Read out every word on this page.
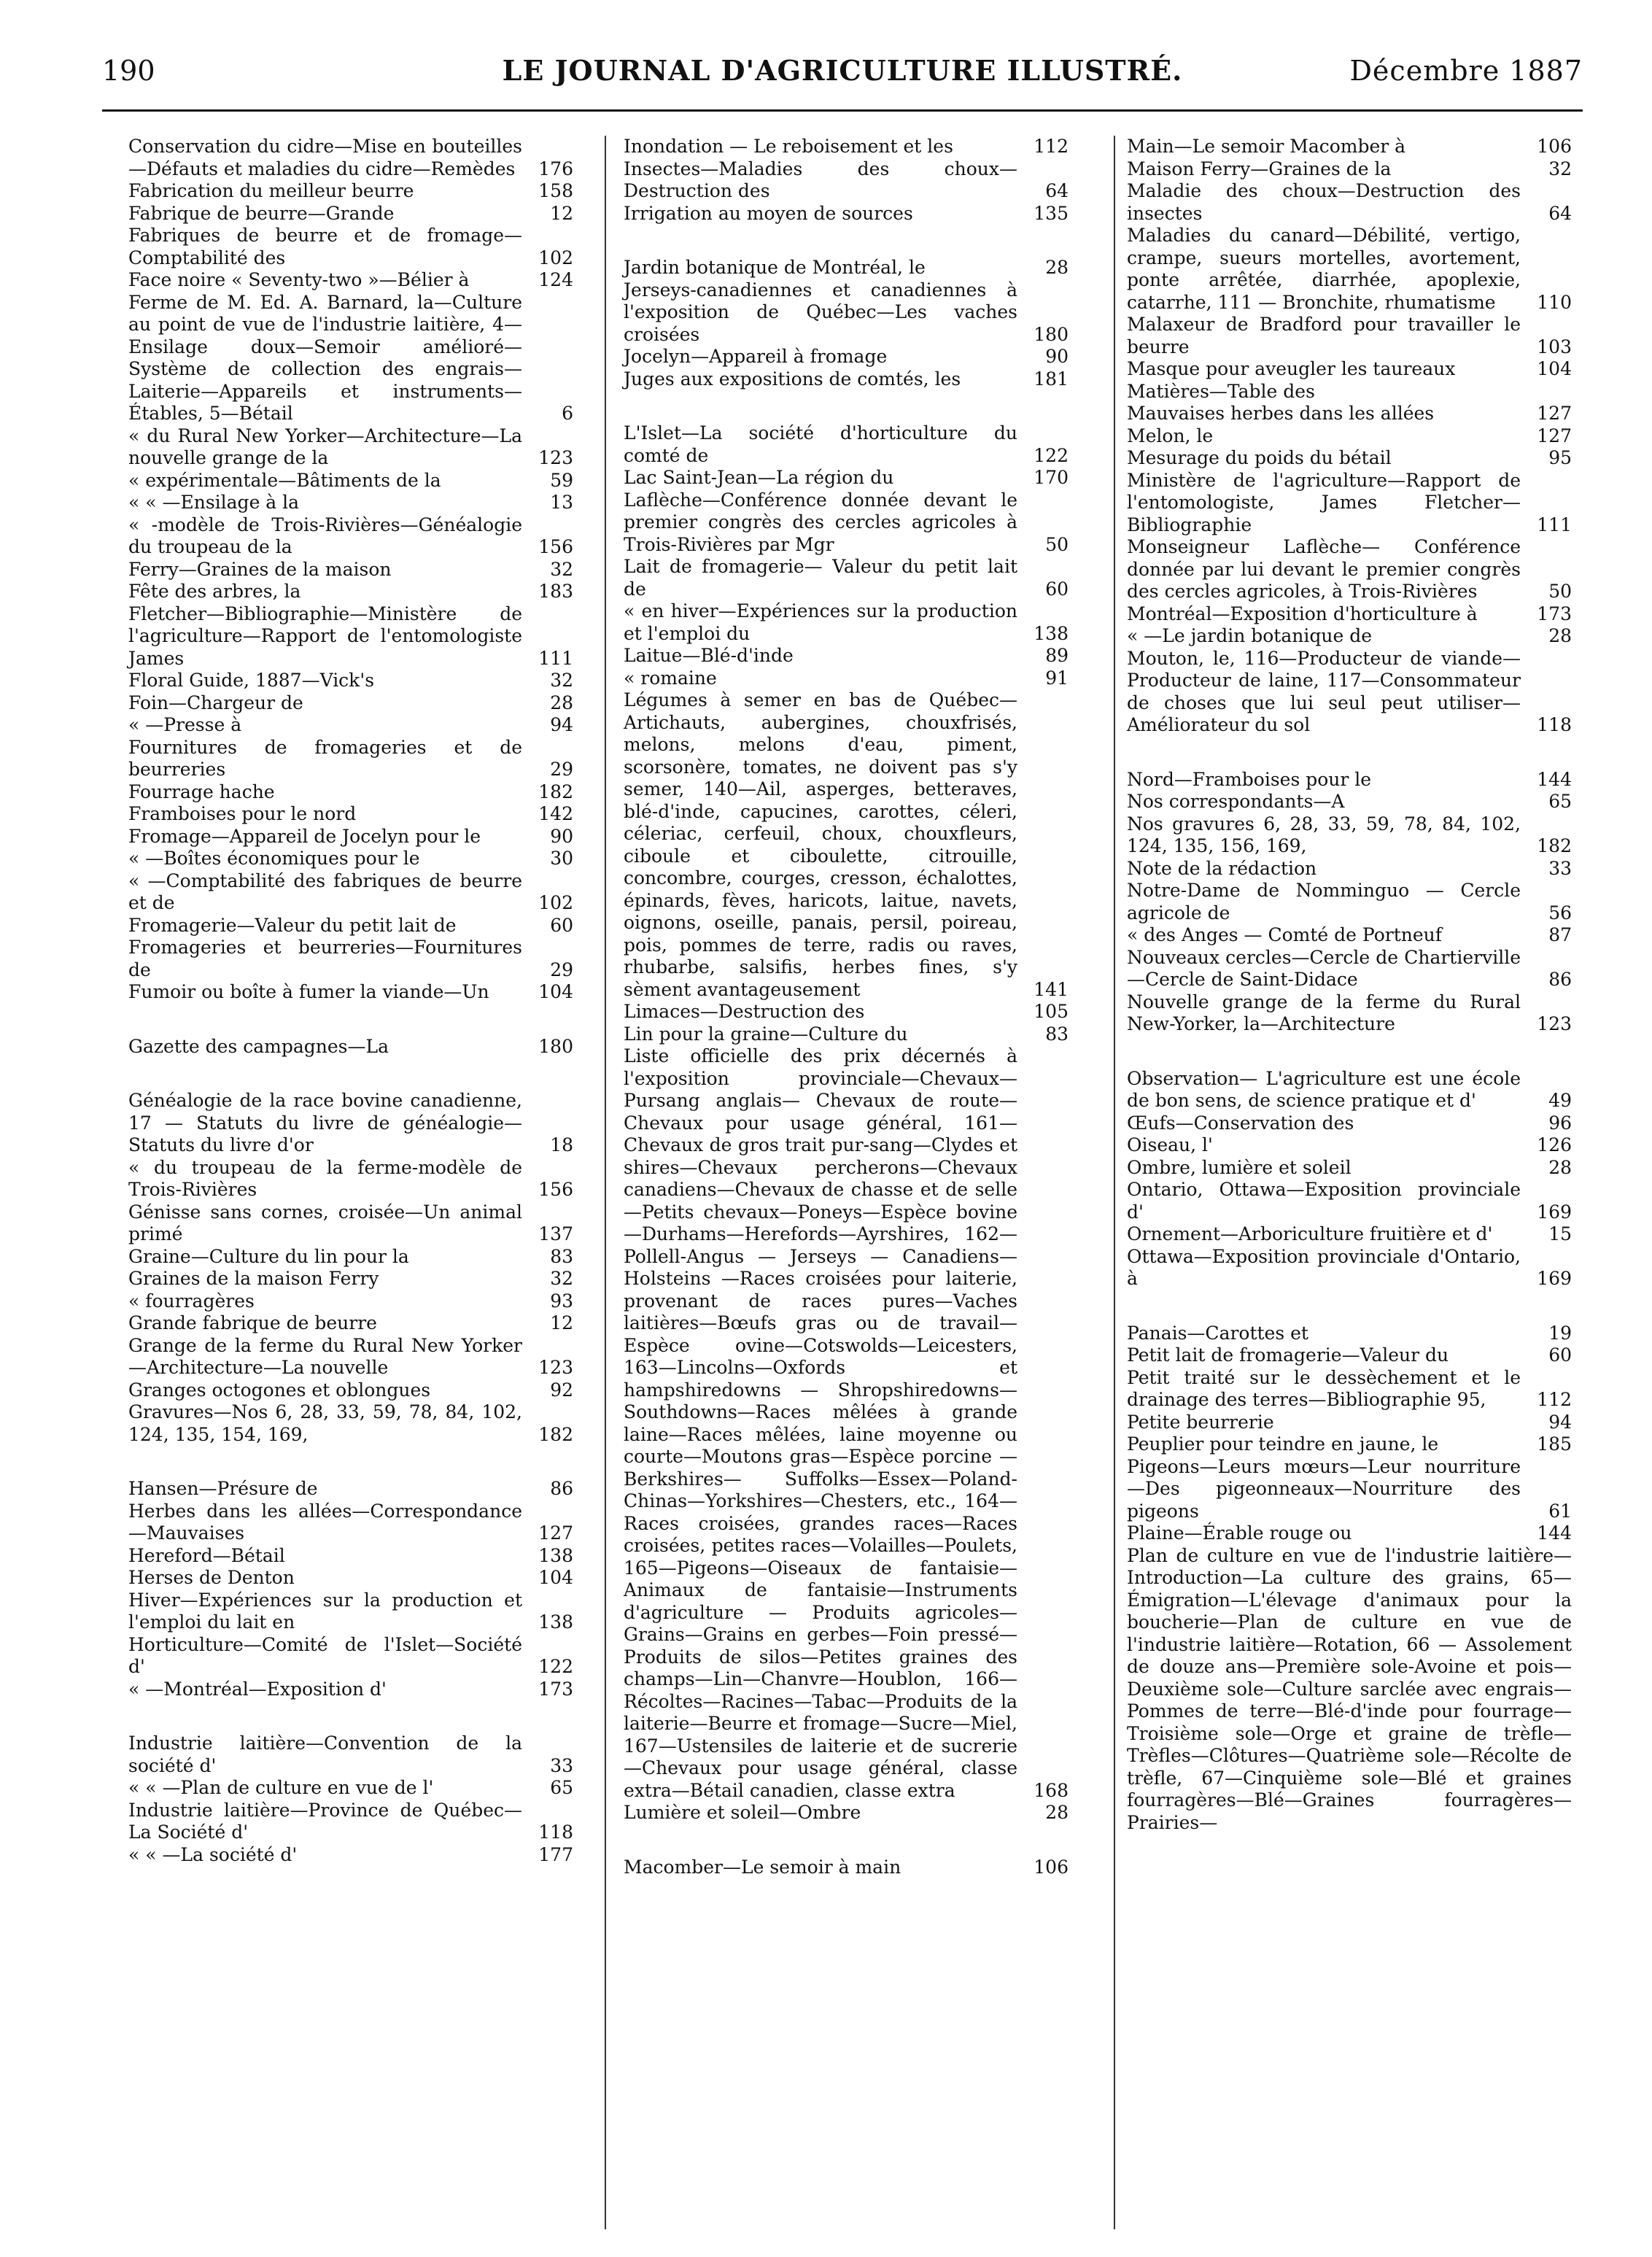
190	LE JOURNAL D'AGRICULTURE ILLUSTRÉ.	Décembre 1887
Conservation du cidre—Mise en bouteilles—Défauts et maladies du cidre—Remèdes	176
Fabrication du meilleur beurre	158
Fabrique de beurre—Grande	12
Fabriques de beurre et de fromage—Comptabilité des	102
Face noire « Seventy-two »—Bélier à	124
Ferme de M. Ed. A. Barnard, la—Culture au point de vue de l'industrie laitière, 4—Ensilage doux—Semoir amélioré—Système de collection des engrais—Laiterie—Appareils et instruments—Étables, 5—Bétail	6
« du Rural New Yorker—Architecture—La nouvelle grange de la	123
« expérimentale—Bâtiments de la	59
« « —Ensilage à la	13
« -modèle de Trois-Rivières—Généalogie du troupeau de la	156
Ferry—Graines de la maison	32
Fête des arbres, la	183
Fletcher—Bibliographie—Ministère de l'agriculture—Rapport de l'entomologiste James	111
Floral Guide, 1887—Vick's	32
Foin—Chargeur de	28
« —Presse à	94
Fournitures de fromageries et de beurreries	29
Fourrage hache	182
Framboises pour le nord	142
Fromage—Appareil de Jocelyn pour le	90
« —Boîtes économiques pour le	30
« —Comptabilité des fabriques de beurre et de	102
Fromagerie—Valeur du petit lait de	60
Fromageries et beurreries—Fournitures de	29
Fumoir ou boîte à fumer la viande—Un	104
Gazette des campagnes—La	180
Généalogie de la race bovine canadienne, 17 — Statuts du livre de généalogie—Statuts du livre d'or	18
« du troupeau de la ferme-modèle de Trois-Rivières	156
Génisse sans cornes, croisée—Un animal primé	137
Graine—Culture du lin pour la	83
Graines de la maison Ferry	32
« fourragères	93
Grande fabrique de beurre	12
Grange de la ferme du Rural New Yorker—Architecture—La nouvelle	123
Granges octogones et oblongues	92
Gravures—Nos 6, 28, 33, 59, 78, 84, 102, 124, 135, 154, 169,	182
Hansen—Présure de	86
Herbes dans les allées—Correspondance—Mauvaises	127
Hereford—Bétail	138
Herses de Denton	104
Hiver—Expériences sur la production et l'emploi du lait en	138
Horticulture—Comité de l'Islet—Société d'	122
« —Montréal—Exposition d'	173
Industrie laitière—Convention de la société d'	33
« « —Plan de culture en vue de l'	65
Industrie laitière—Province de Québec—La Société d'	118
« « —La société d'	177
Inondation — Le reboisement et les	112
Insectes—Maladies des choux—Destruction des	64
Irrigation au moyen de sources	135
Jardin botanique de Montréal, le	28
Jerseys-canadiennes et canadiennes à l'exposition de Québec—Les vaches croisées	180
Jocelyn—Appareil à fromage	90
Juges aux expositions de comtés, les	181
L'Islet—La société d'horticulture du comté de	122
Lac Saint-Jean—La région du	170
Laflèche—Conférence donnée devant le premier congrès des cercles agricoles à Trois-Rivières par Mgr	50
Lait de fromagerie— Valeur du petit lait de	60
« en hiver—Expériences sur la production et l'emploi du	138
Laitue—Blé-d'inde	89
« romaine	91
Légumes à semer en bas de Québec—Artichauts, aubergines, chouxfrisés, melons, melons d'eau, piment, scorsonère, tomates, ne doivent pas s'y semer, 140—Ail, asperges, betteraves, blé-d'inde, capucines, carottes, céleri, céleriac, cerfeuil, choux, chouxfleurs, ciboule et ciboulette, citrouille, concombre, courges, cresson, échalottes, épinards, fèves, haricots, laitue, navets, oignons, oseille, panais, persil, poireau, pois, pommes de terre, radis ou raves, rhubarbe, salsifis, herbes fines, s'y sèment avantageusement	141
Limaces—Destruction des	105
Lin pour la graine—Culture du	83
Liste officielle des prix décernés à l'exposition provinciale—Chevaux—Pursang anglais— Chevaux de route—Chevaux pour usage général, 161—Chevaux de gros trait pur-sang—Clydes et shires—Chevaux percherons—Chevaux canadiens—Chevaux de chasse et de selle—Petits chevaux—Poneys—Espèce bovine—Durhams—Herefords—Ayrshires, 162—Pollell-Angus — Jerseys — Canadiens—Holsteins —Races croisées pour laiterie, provenant de races pures—Vaches laitières—Bœufs gras ou de travail—Espèce ovine—Cotswolds—Leicesters, 163—Lincolns—Oxfords et hampshiredowns — Shropshiredowns—Southdowns—Races mêlées à grande laine—Races mêlées, laine moyenne ou courte—Moutons gras—Espèce porcine — Berkshires— Suffolks—Essex—Poland-Chinas—Yorkshires—Chesters, etc., 164—Races croisées, grandes races—Races croisées, petites races—Volailles—Poulets, 165—Pigeons—Oiseaux de fantaisie—Animaux de fantaisie—Instruments d'agriculture — Produits agricoles—Grains—Grains en gerbes—Foin pressé—Produits de silos—Petites graines des champs—Lin—Chanvre—Houblon, 166—Récoltes—Racines—Tabac—Produits de la laiterie—Beurre et fromage—Sucre—Miel, 167—Ustensiles de laiterie et de sucrerie—Chevaux pour usage général, classe extra—Bétail canadien, classe extra	168
Lumière et soleil—Ombre	28
Macomber—Le semoir à main	106
Main—Le semoir Macomber à	106
Maison Ferry—Graines de la	32
Maladie des choux—Destruction des insectes	64
Maladies du canard—Débilité, vertigo, crampe, sueurs mortelles, avortement, ponte arrêtée, diarrhée, apoplexie, catarrhe, 111 — Bronchite, rhumatisme	110
Malaxeur de Bradford pour travailler le beurre	103
Masque pour aveugler les taureaux	104
Matières—Table des
Mauvaises herbes dans les allées	127
Melon, le	127
Mesurage du poids du bétail	95
Ministère de l'agriculture—Rapport de l'entomologiste, James Fletcher—Bibliographie	111
Monseigneur Laflèche— Conférence donnée par lui devant le premier congrès des cercles agricoles, à Trois-Rivières	50
Montréal—Exposition d'horticulture à	173
« —Le jardin botanique de	28
Mouton, le, 116—Producteur de viande—Producteur de laine, 117—Consommateur de choses que lui seul peut utiliser—Améliorateur du sol	118
Nord—Framboises pour le	144
Nos correspondants—A	65
Nos gravures 6, 28, 33, 59, 78, 84, 102, 124, 135, 156, 169,	182
Note de la rédaction	33
Notre-Dame de Nomminguo — Cercle agricole de	56
« des Anges — Comté de Portneuf	87
Nouveaux cercles—Cercle de Chartierville—Cercle de Saint-Didace	86
Nouvelle grange de la ferme du Rural New-Yorker, la—Architecture	123
Observation— L'agriculture est une école de bon sens, de science pratique et d'	49
Œufs—Conservation des	96
Oiseau, l'	126
Ombre, lumière et soleil	28
Ontario, Ottawa—Exposition provinciale d'	169
Ornement—Arboriculture fruitière et d'	15
Ottawa—Exposition provinciale d'Ontario, à	169
Panais—Carottes et	19
Petit lait de fromagerie—Valeur du	60
Petit traité sur le dessèchement et le drainage des terres—Bibliographie 95,	112
Petite beurrerie	94
Peuplier pour teindre en jaune, le	185
Pigeons—Leurs mœurs—Leur nourriture—Des pigeonneaux—Nourriture des pigeons	61
Plaine—Érable rouge ou	144
Plan de culture en vue de l'industrie laitière—Introduction—La culture des grains, 65—Émigration—L'élevage d'animaux pour la boucherie—Plan de culture en vue de l'industrie laitière—Rotation, 66 — Assolement de douze ans—Première sole-Avoine et pois—Deuxième sole—Culture sarclée avec engrais—Pommes de terre—Blé-d'inde pour fourrage—Troisième sole—Orge et graine de trèfle—Trèfles—Clôtures—Quatrième sole—Récolte de trèfle, 67—Cinquième sole—Blé et graines fourragères—Blé—Graines fourragères—Prairies—
